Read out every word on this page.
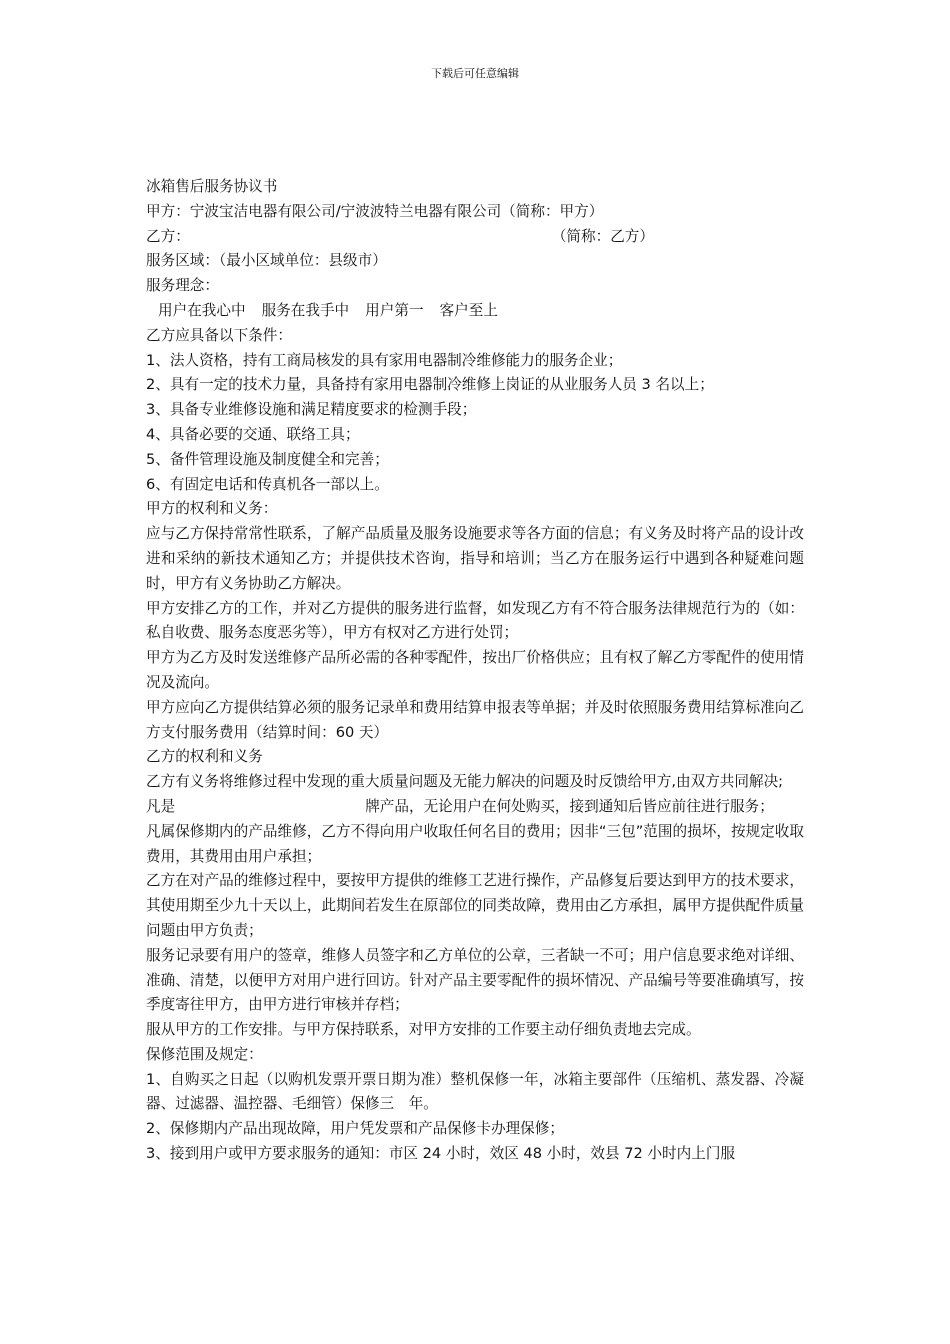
下载后可任意编辑

冰箱售后服务协议书

甲方：宁波宝洁电器有限公司/宁波波特兰电器有限公司（简称：甲方）

乙方：	（简称：乙方）

服务区域：（最小区域单位：县级市）

服务理念：

用户在我心中 服务在我手中 用户第一 客户至上

乙方应具备以下条件：

1、法人资格，持有工商局核发的具有家用电器制冷维修能力的服务企业；

2、具有一定的技术力量，具备持有家用电器制冷维修上岗证的从业服务人员 3 名以上；

3、具备专业维修设施和满足精度要求的检测手段；

4、具备必要的交通、联络工具；

5、备件管理设施及制度健全和完善；

6、有固定电话和传真机各一部以上。

甲方的权利和义务：

应与乙方保持常常性联系，了解产品质量及服务设施要求等各方面的信息；有义务及时将产品的设计改进和采纳的新技术通知乙方；并提供技术咨询，指导和培训；当乙方在服务运行中遇到各种疑难问题时，甲方有义务协助乙方解决。

甲方安排乙方的工作，并对乙方提供的服务进行监督，如发现乙方有不符合服务法律规范行为的（如：私自收费、服务态度恶劣等），甲方有权对乙方进行处罚；

甲方为乙方及时发送维修产品所必需的各种零配件，按出厂价格供应；且有权了解乙方零配件的使用情况及流向。

甲方应向乙方提供结算必须的服务记录单和费用结算申报表等单据；并及时依照服务费用结算标准向乙方支付服务费用（结算时间：60 天）

乙方的权利和义务

乙方有义务将维修过程中发现的重大质量问题及无能力解决的问题及时反馈给甲方,由双方共同解决;

凡是	牌产品，无论用户在何处购买，接到通知后皆应前往进行服务；

凡属保修期内的产品维修，乙方不得向用户收取任何名目的费用；因非“三包”范围的损坏，按规定收取费用，其费用由用户承担；

乙方在对产品的维修过程中，要按甲方提供的维修工艺进行操作，产品修复后要达到甲方的技术要求，其使用期至少九十天以上，此期间若发生在原部位的同类故障，费用由乙方承担，属甲方提供配件质量问题由甲方负责；

服务记录要有用户的签章，维修人员签字和乙方单位的公章，三者缺一不可；用户信息要求绝对详细、准确、清楚，以便甲方对用户进行回访。针对产品主要零配件的损坏情况、产品编号等要准确填写，按季度寄往甲方，由甲方进行审核并存档；

服从甲方的工作安排。与甲方保持联系，对甲方安排的工作要主动仔细负责地去完成。

保修范围及规定：

1、自购买之日起（以购机发票开票日期为准）整机保修一年，冰箱主要部件（压缩机、蒸发器、冷凝器、过滤器、温控器、毛细管）保修三　年。

2、保修期内产品出现故障，用户凭发票和产品保修卡办理保修；

3、接到用户或甲方要求服务的通知：市区 24 小时，效区 48 小时，效县 72 小时内上门服
